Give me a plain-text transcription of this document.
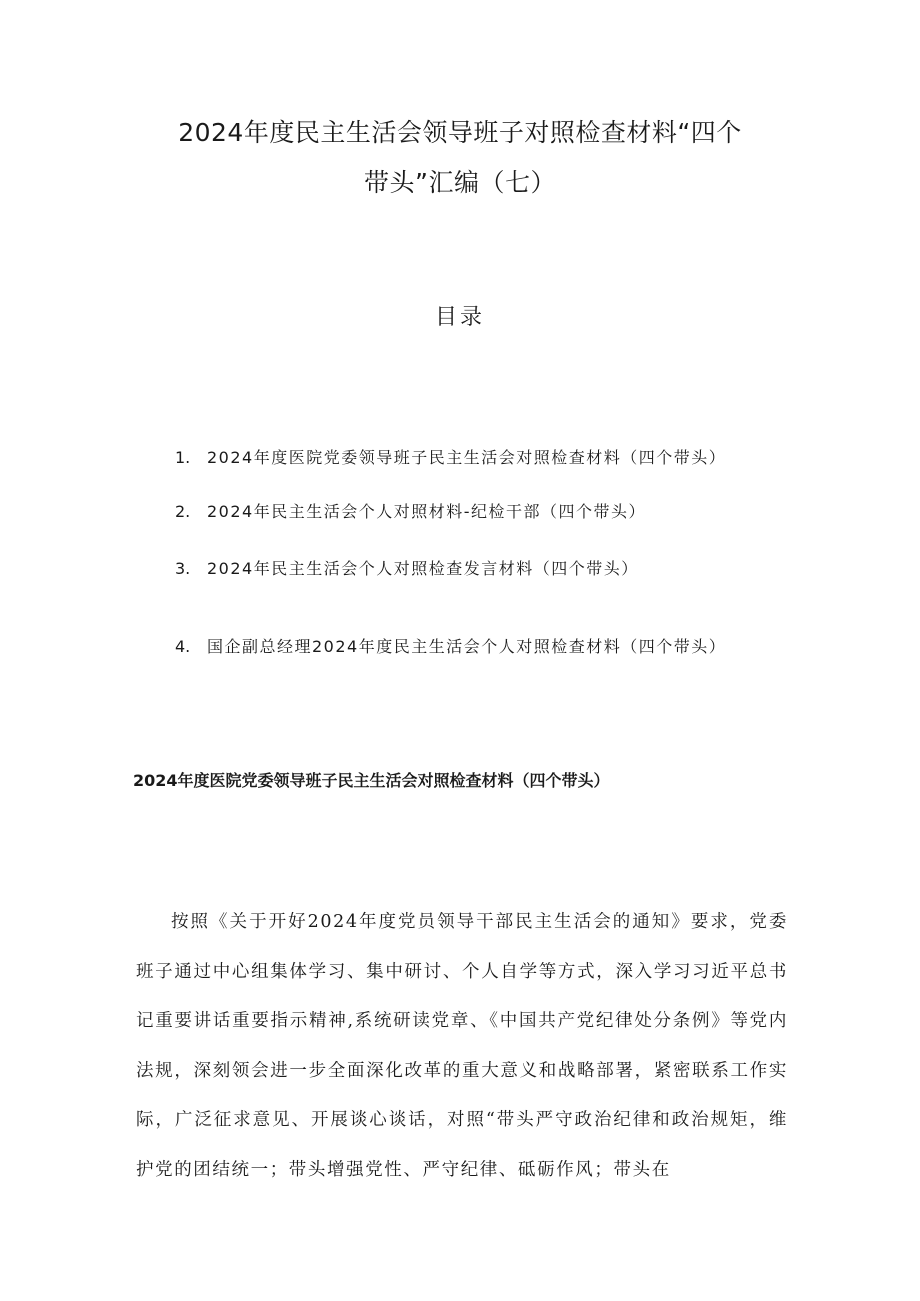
2024年度民主生活会领导班子对照检查材料“四个
带头”汇编（七）
目录
1. 2024年度医院党委领导班子民主生活会对照检查材料（四个带头）
2. 2024年民主生活会个人对照材料-纪检干部（四个带头）
3. 2024年民主生活会个人对照检查发言材料（四个带头）
4. 国企副总经理2024年度民主生活会个人对照检查材料（四个带头）
2024年度医院党委领导班子民主生活会对照检查材料（四个带头）

按照《关于开好2024年度党员领导干部民主生活会的通知》要求，党委班子通过中心组集体学习、集中研讨、个人自学等方式，深入学习习近平总书记重要讲话重要指示精神,系统研读党章、《中国共产党纪律处分条例》等党内法规，深刻领会进一步全面深化改革的重大意义和战略部署，紧密联系工作实际，广泛征求意见、开展谈心谈话，对照“带头严守政治纪律和政治规矩，维护党的团结统一；带头增强党性、严守纪律、砥砺作风；带头在
